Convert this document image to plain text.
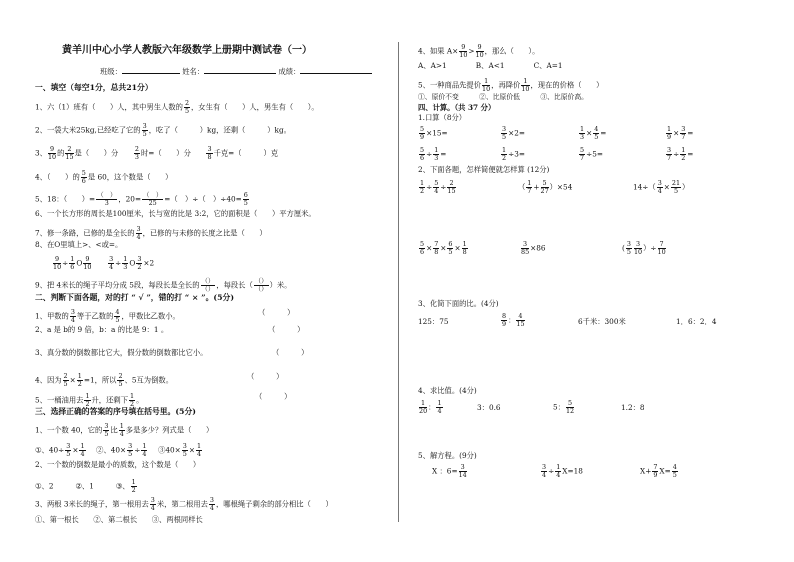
黄羊川中心小学人教版六年级数学上册期中测试卷（一）
班级：	姓名：	成绩：
一、填空（每空1分，总共21分）
1、六（1）班有（　　）人，其中男生人数的 $\frac{2}{5}$ ，女生有（　　）人，男生有（　　）。
2、一袋大米25kg,已经吃了它的 $\frac{3}{5}$ ，吃了（　　　）kg，还剩（　　　）kg。
3、 $\frac{9}{10}$ 的 $\frac{2}{15}$ 是（　　）分　　 $\frac{2}{3}$ 时=（　　）分　　 $\frac{3}{8}$ 千克=（　　　）克
4、（　　）的 $\frac{5}{6}$ 是 60，这个数是（　　）
5、18：（　　）= （　）
3	，20= （　）
25	=（　）÷（　）$\div 40= \frac{6}{5}$
6、一个长方形的周长是100厘米，长与宽的比是 3:2，它的面积是（　　）平方厘米。
7、修一条路，已修的是全长的 $\frac{3}{4}$ ，已修的与未修的长度之比是（　　）
8、在O里填上>、<或=。
$\frac{9}{10} \div \frac{1}{6}$ O $\frac{9}{10}$
　　	$\frac{3}{4} \div \frac{1}{3}$ O $\frac{3}{2} \times 2$
9、把 4米长的绳子平均分成 5段，每段长是全长的 （）
（） ，每段长（ （）
（） ）米。
二、判断下面各题，对的打 “ √ ”，错的打 “ × ”。(5分)
1、甲数的 $\frac{3}{4}$ 等于乙数的 $\frac{4}{5}$ ，甲数比乙数小。	（　　　）
2、a 是 b的 9 倍，b：a 的比是 9：1 。	（　　　）
3、真分数的倒数都比它大，假分数的倒数都比它小。	（　　　）
4、因为 $\frac{2}{5} \times \frac{1}{2} =1$，所以 $\frac{2}{5}$ 、5互为倒数。	（　　　）
5、一桶油用去 $\frac{1}{2}$ 升，还剩下 $\frac{1}{2}$ 。	（　　　）
三、选择正确的答案的序号填在括号里。(5分)
1、一个数 40，它的 $\frac{3}{5}$ 比 $\frac{1}{4}$ 多是多少？列式是（　　）
①、$40\div \frac{3}{5} \times \frac{1}{4}$
　 ②、$40\times \frac{3}{5} \div \frac{1}{4}$
　 ③40× $\frac{3}{5} \times \frac{1}{4}$
2、一个数的倒数是最小的质数，这个数是（　　）
①、2　　　	②、1　　　	③、 $\frac{1}{2}$
3、两根 3米长的绳子，第一根用去 $\frac{3}{4}$ 米，第二根用去 $\frac{3}{4}$ ，哪根绳子剩余的部分相比（　　）
①、第一根长　　 ②、第二根长　　 ③、两根同样长
4、如果 $A\times \frac{9}{10} > \frac{9}{10}$ ，那么（　　）。
A、A>1　　　　	B、A<1　　　　	C、A=1
5、一种商品先提价 $\frac{1}{10}$ ，再降价 $\frac{1}{10}$ ，现在的价格（　　）
①、原价不变　　　	②、比原价低　　　	③、比原价高。
四、计算。（共 37 分）
1.口算（8分）
$\frac{5}{9} \times 15=$	$\frac{3}{5} \times 2=$	$\frac{1}{3} \times \frac{4}{5}$ =	$\frac{1}{9} \times \frac{3}{7}$ =
$\frac{5}{6} \div \frac{1}{3}$ =	$\frac{1}{2} \div 3=$	$\frac{5}{7} \div 5=$	$\frac{3}{7} \div \frac{1}{2}$ =
2、下面各题，怎样简便就怎样算 (12分)
$\frac{1}{2} \div \frac{5}{4} \div \frac{2}{15}$	（ $\frac{1}{7} + \frac{5}{27} )\times 54$	$14\div( \frac{3}{4} \times \frac{21}{5}$ ）
$\frac{5}{6} \times \frac{7}{8} \times \frac{6}{5} \times \frac{1}{8}$	$\frac{3}{85} \times 86$	( $\frac{3}{5} \frac{3}{10}$ ）÷ $\frac{7}{10}$
3、化简下面的比。(4分)
125：75	$\frac{8}{9}$ ： $\frac{4}{15}$	6千米：300米	1．6：2．4
4、求比值。(4分)
$\frac{1}{20}$ ： $\frac{1}{4}$	3：0.6	5： $\frac{5}{12}$	1.2：8
5、解方程。(9分)
X ：$6= \frac{3}{14}$	$\frac{3}{4} \div \frac{1}{4} X=18$	$X+ \frac{7}{9} X= \frac{4}{5}$
